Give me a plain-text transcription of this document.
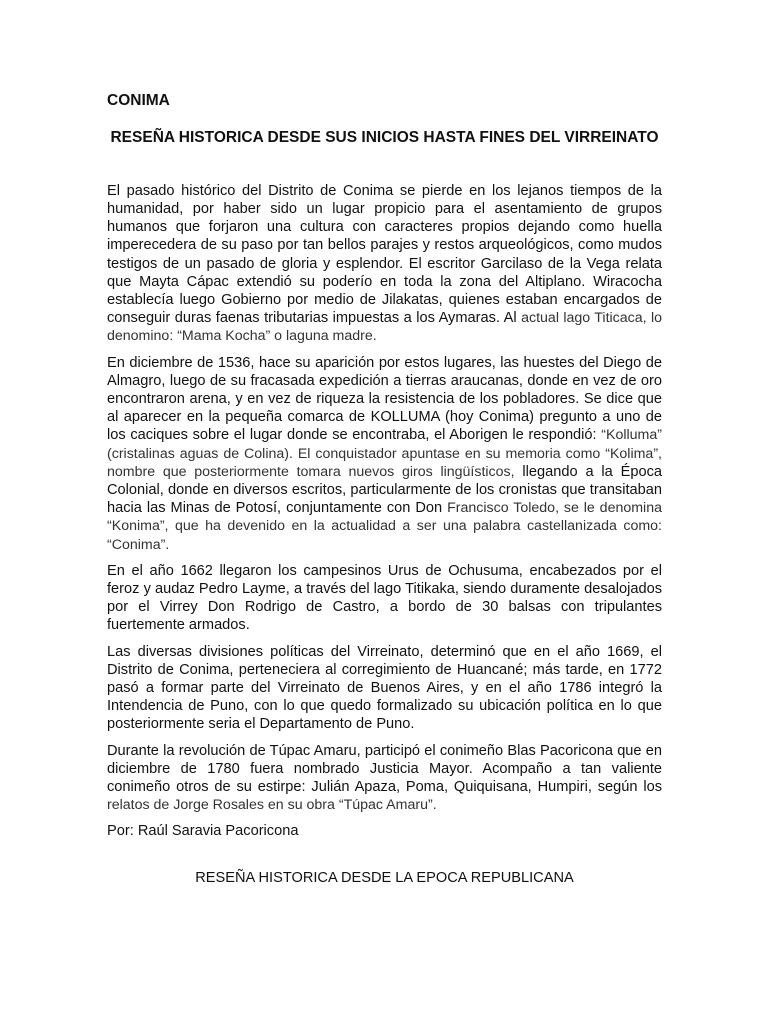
CONIMA
RESEÑA HISTORICA DESDE SUS INICIOS HASTA FINES DEL VIRREINATO

El pasado histórico del Distrito de Conima se pierde en los lejanos tiempos de la humanidad, por haber sido un lugar propicio para el asentamiento de grupos humanos que forjaron una cultura con caracteres propios dejando como huella imperecedera de su paso por tan bellos parajes y restos arqueológicos, como mudos testigos de un pasado de gloria y esplendor. El escritor Garcilaso de la Vega relata que Mayta Cápac extendió su poderío en toda la zona del Altiplano. Wiracocha establecía luego Gobierno por medio de Jilakatas, quienes estaban encargados de conseguir duras faenas tributarias impuestas a los Aymaras. Al actual lago Titicaca, lo denomino: “Mama Kocha” o laguna madre.

En diciembre de 1536, hace su aparición por estos lugares, las huestes del Diego de Almagro, luego de su fracasada expedición a tierras araucanas, donde en vez de oro encontraron arena, y en vez de riqueza la resistencia de los pobladores. Se dice que al aparecer en la pequeña comarca de KOLLUMA (hoy Conima) pregunto a uno de los caciques sobre el lugar donde se encontraba, el Aborigen le respondió: “Kolluma” (cristalinas aguas de Colina). El conquistador apuntase en su memoria como “Kolima”, nombre que posteriormente tomara nuevos giros lingüísticos, llegando a la Época Colonial, donde en diversos escritos, particularmente de los cronistas que transitaban hacia las Minas de Potosí, conjuntamente con Don Francisco Toledo, se le denomina “Konima”, que ha devenido en la actualidad a ser una palabra castellanizada como: “Conima”.

En el año 1662 llegaron los campesinos Urus de Ochusuma, encabezados por el feroz y audaz Pedro Layme, a través del lago Titikaka, siendo duramente desalojados por el Virrey Don Rodrigo de Castro, a bordo de 30 balsas con tripulantes fuertemente armados.

Las diversas divisiones políticas del Virreinato, determinó que en el año 1669, el Distrito de Conima, perteneciera al corregimiento de Huancané; más tarde, en 1772 pasó a formar parte del Virreinato de Buenos Aires, y en el año 1786 integró la Intendencia de Puno, con lo que quedo formalizado su ubicación política en lo que posteriormente seria el Departamento de Puno.

Durante la revolución de Túpac Amaru, participó el conimeño Blas Pacoricona que en diciembre de 1780 fuera nombrado Justicia Mayor. Acompaño a tan valiente conimeño otros de su estirpe: Julián Apaza, Poma, Quiquisana, Humpiri, según los relatos de Jorge Rosales en su obra “Túpac Amaru”.

Por: Raúl Saravia Pacoricona

RESEÑA HISTORICA DESDE LA EPOCA REPUBLICANA
